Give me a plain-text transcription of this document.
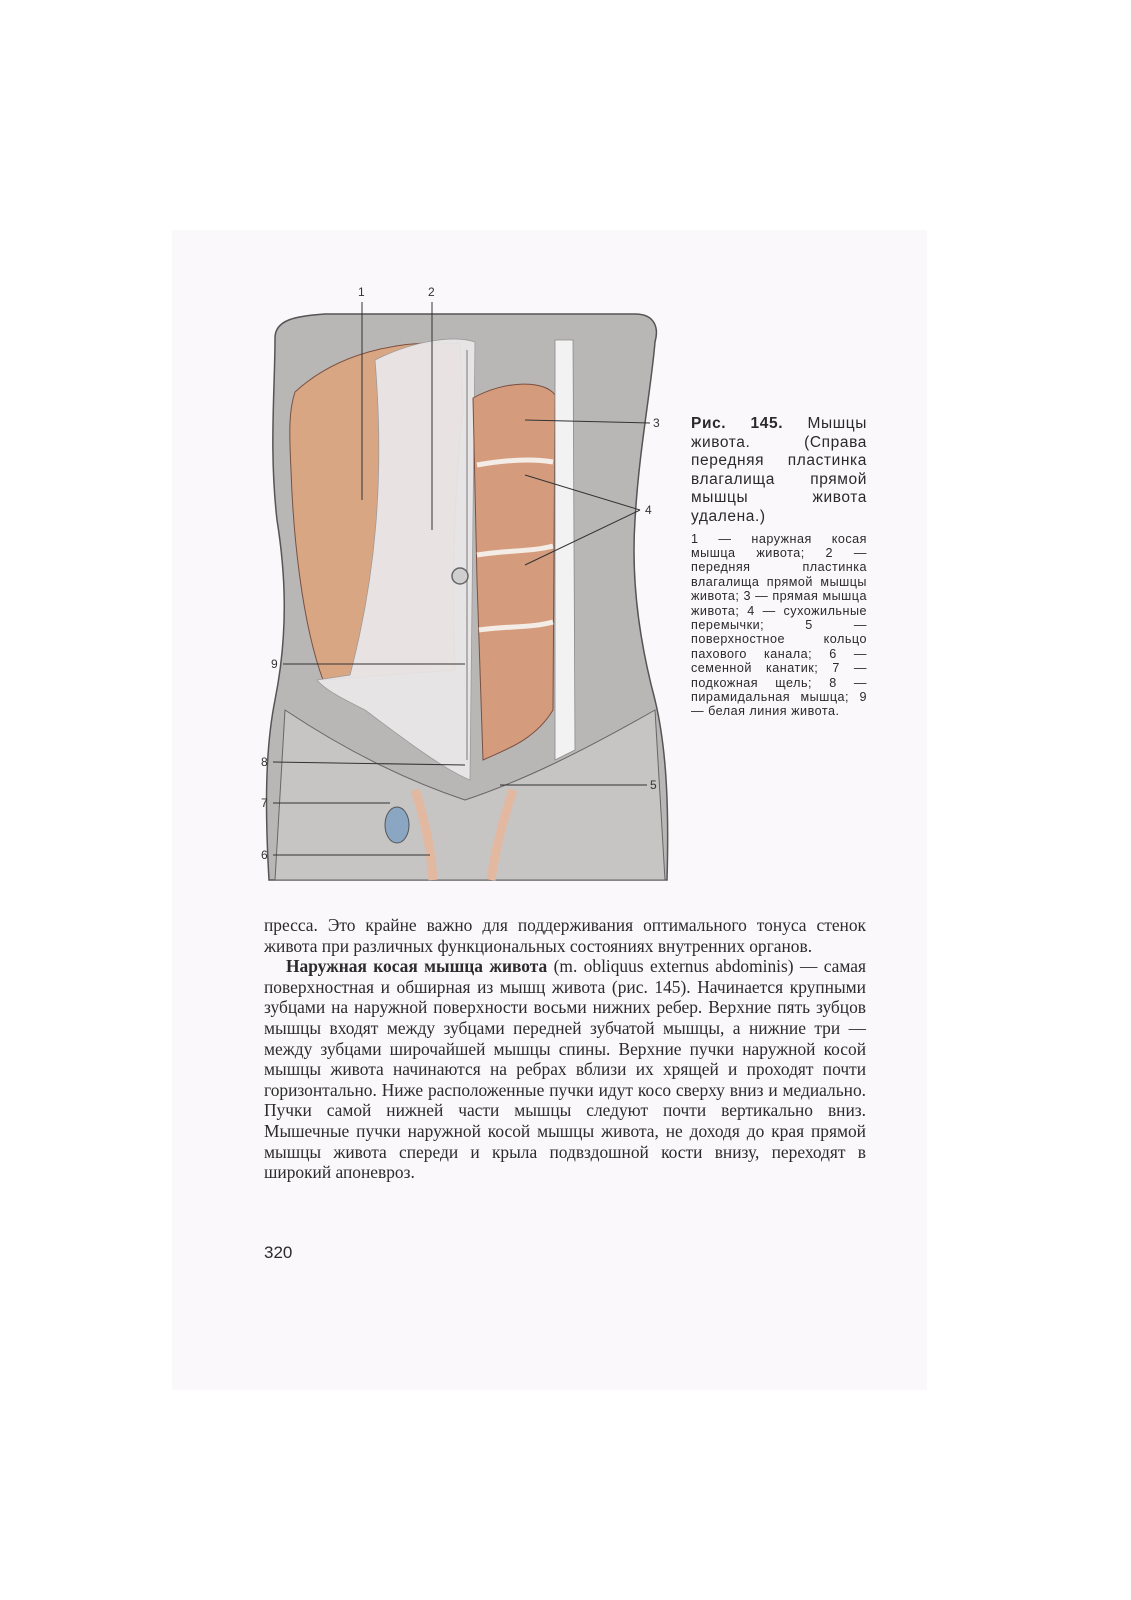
1	2
3
4
5
6
7
8
9
Рис. 145. Мышцы живота. (Справа передняя пластинка влагалища прямой мышцы живота удалена.)
1 — наружная косая мышца живота; 2 — передняя пластинка влагалища прямой мышцы живота; 3 — прямая мышца живота; 4 — сухожильные перемычки; 5 — поверхностное кольцо пахового канала; 6 — семенной канатик; 7 — подкожная щель; 8 — пирамидальная мышца; 9 — белая линия живота.

пресса. Это крайне важно для поддерживания оптимального тонуса стенок живота при различных функциональных состояниях внутренних органов.

Наружная косая мышца живота (m. obliquus externus abdominis) — самая поверхностная и обширная из мышц живота (рис. 145). Начинается крупными зубцами на наружной поверхности восьми нижних ребер. Верхние пять зубцов мышцы входят между зубцами передней зубчатой мышцы, а нижние три — между зубцами широчайшей мышцы спины. Верхние пучки наружной косой мышцы живота начинаются на ребрах вблизи их хрящей и проходят почти горизонтально. Ниже расположенные пучки идут косо сверху вниз и медиально. Пучки самой нижней части мышцы следуют почти вертикально вниз. Мышечные пучки наружной косой мышцы живота, не доходя до края прямой мышцы живота спереди и крыла подвздошной кости внизу, переходят в широкий апоневроз.

320
